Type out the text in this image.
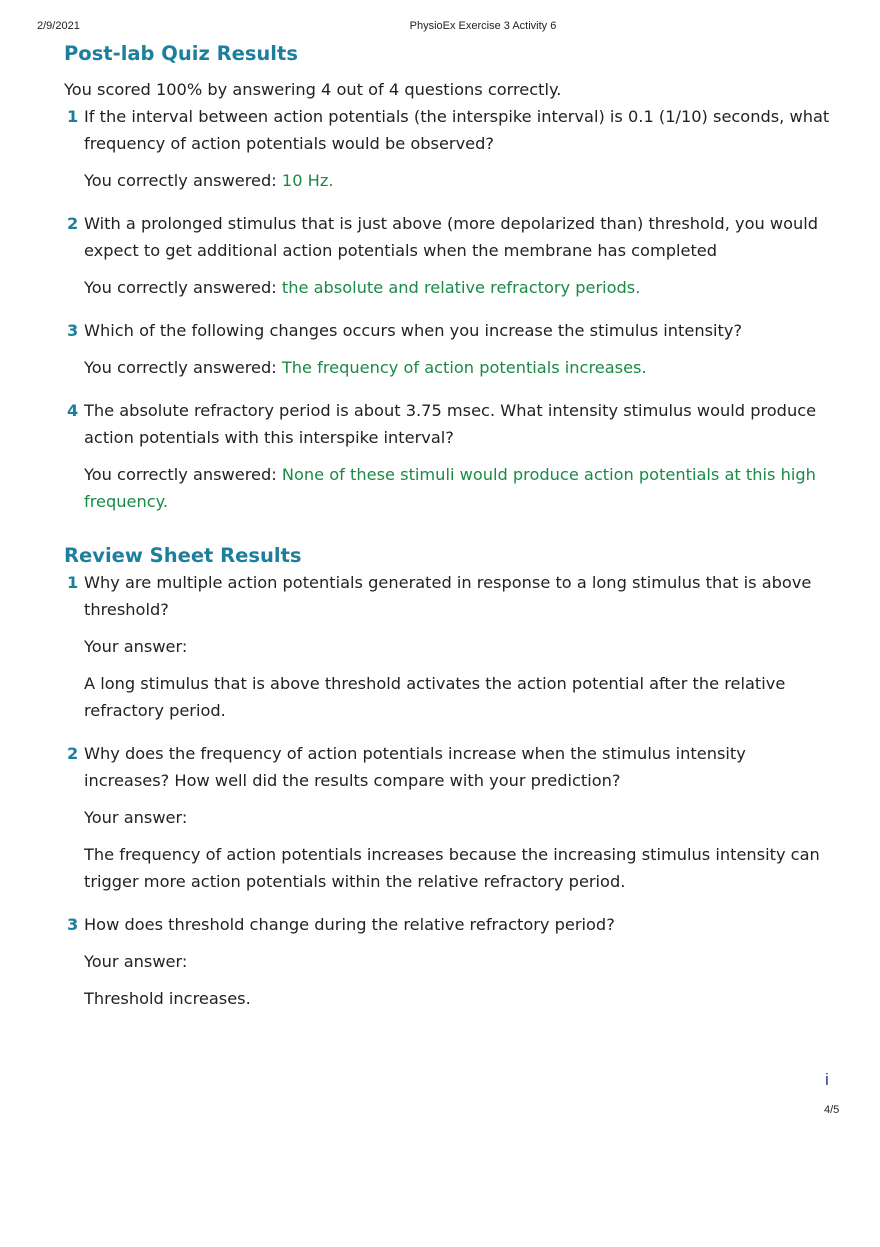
2/9/2021	PhysioEx Exercise 3 Activity 6
Post-lab Quiz Results

You scored 100% by answering 4 out of 4 questions correctly.

1 If the interval between action potentials (the interspike interval) is 0.1 (1/10) seconds, what frequency of action potentials would be observed?

You correctly answered: 10 Hz.

2 With a prolonged stimulus that is just above (more depolarized than) threshold, you would expect to get additional action potentials when the membrane has completed

You correctly answered: the absolute and relative refractory periods.

3 Which of the following changes occurs when you increase the stimulus intensity?

You correctly answered: The frequency of action potentials increases.

4 The absolute refractory period is about 3.75 msec. What intensity stimulus would produce action potentials with this interspike interval?

You correctly answered: None of these stimuli would produce action potentials at this high frequency.

Review Sheet Results
1 Why are multiple action potentials generated in response to a long stimulus that is above threshold?

Your answer:

A long stimulus that is above threshold activates the action potential after the relative refractory period.

2 Why does the frequency of action potentials increase when the stimulus intensity increases? How well did the results compare with your prediction?

Your answer:

The frequency of action potentials increases because the increasing stimulus intensity can trigger more action potentials within the relative refractory period.

3 How does threshold change during the relative refractory period?

Your answer:

Threshold increases.

i
4/5
